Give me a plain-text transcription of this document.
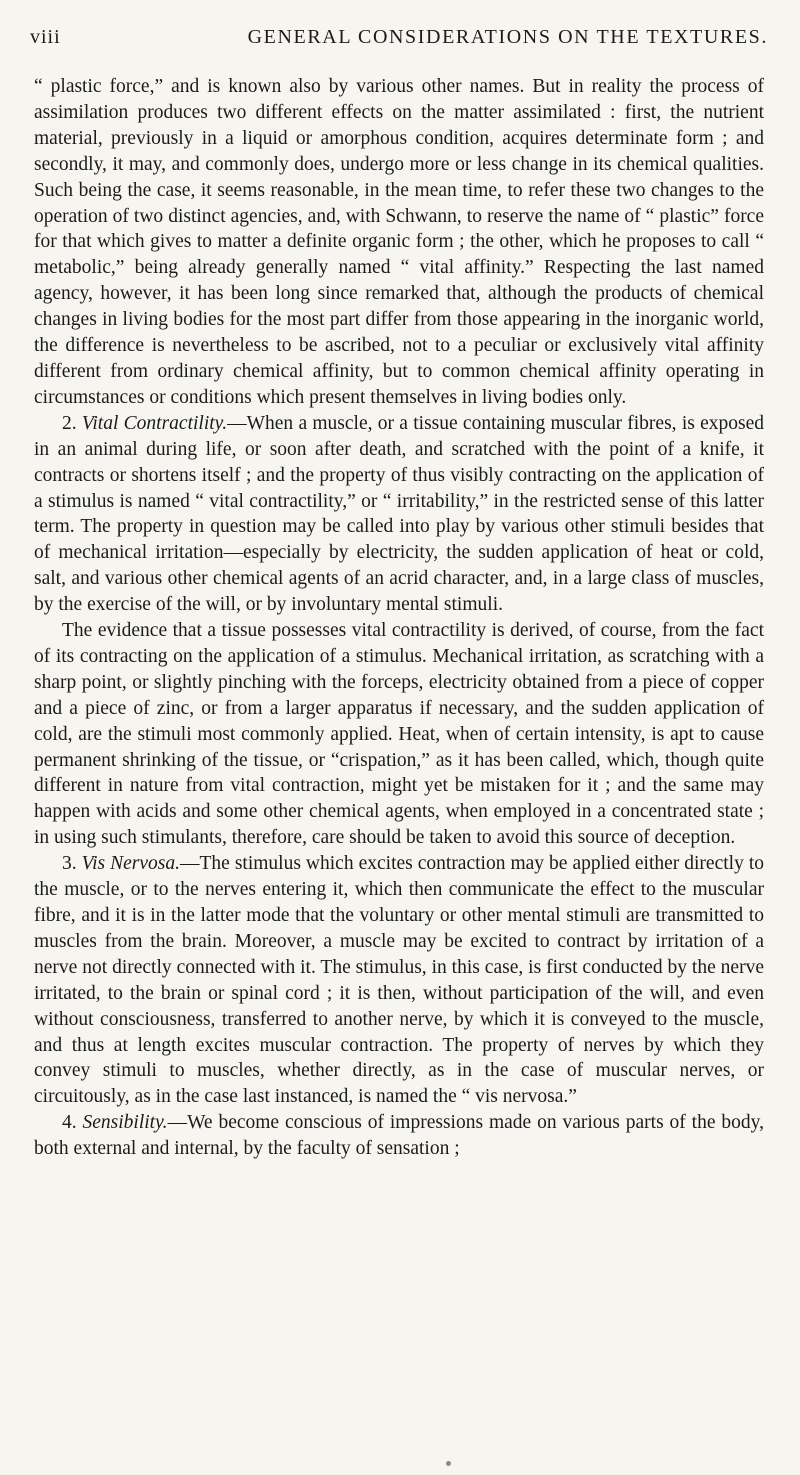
viii	GENERAL CONSIDERATIONS ON THE TEXTURES.

“ plastic force,” and is known also by various other names. But in reality the process of assimilation produces two different effects on the matter assimilated : first, the nutrient material, previously in a liquid or amorphous condition, acquires determinate form ; and secondly, it may, and commonly does, undergo more or less change in its chemical qualities. Such being the case, it seems reasonable, in the mean time, to refer these two changes to the operation of two distinct agencies, and, with Schwann, to reserve the name of “ plastic” force for that which gives to matter a definite organic form ; the other, which he proposes to call “ metabolic,” being already generally named “ vital affinity.” Respecting the last named agency, however, it has been long since remarked that, although the products of chemical changes in living bodies for the most part differ from those appearing in the inorganic world, the difference is nevertheless to be ascribed, not to a peculiar or exclusively vital affinity different from ordinary chemical affinity, but to common chemical affinity operating in circumstances or conditions which present themselves in living bodies only.

2. Vital Contractility.—When a muscle, or a tissue containing muscular fibres, is exposed in an animal during life, or soon after death, and scratched with the point of a knife, it contracts or shortens itself ; and the property of thus visibly contracting on the application of a stimulus is named “ vital contractility,” or “ irritability,” in the restricted sense of this latter term. The property in question may be called into play by various other stimuli besides that of mechanical irritation—especially by electricity, the sudden application of heat or cold, salt, and various other chemical agents of an acrid character, and, in a large class of muscles, by the exercise of the will, or by involuntary mental stimuli.

The evidence that a tissue possesses vital contractility is derived, of course, from the fact of its contracting on the application of a stimulus. Mechanical irritation, as scratching with a sharp point, or slightly pinching with the forceps, electricity obtained from a piece of copper and a piece of zinc, or from a larger apparatus if necessary, and the sudden application of cold, are the stimuli most commonly applied. Heat, when of certain intensity, is apt to cause permanent shrinking of the tissue, or “crispation,” as it has been called, which, though quite different in nature from vital contraction, might yet be mistaken for it ; and the same may happen with acids and some other chemical agents, when employed in a concentrated state ; in using such stimulants, therefore, care should be taken to avoid this source of deception.

3. Vis Nervosa.—The stimulus which excites contraction may be applied either directly to the muscle, or to the nerves entering it, which then communicate the effect to the muscular fibre, and it is in the latter mode that the voluntary or other mental stimuli are transmitted to muscles from the brain. Moreover, a muscle may be excited to contract by irritation of a nerve not directly connected with it. The stimulus, in this case, is first conducted by the nerve irritated, to the brain or spinal cord ; it is then, without participation of the will, and even without consciousness, transferred to another nerve, by which it is conveyed to the muscle, and thus at length excites muscular contraction. The property of nerves by which they convey stimuli to muscles, whether directly, as in the case of muscular nerves, or circuitously, as in the case last instanced, is named the “ vis nervosa.”

4. Sensibility.—We become conscious of impressions made on various parts of the body, both external and internal, by the faculty of sensation ;
